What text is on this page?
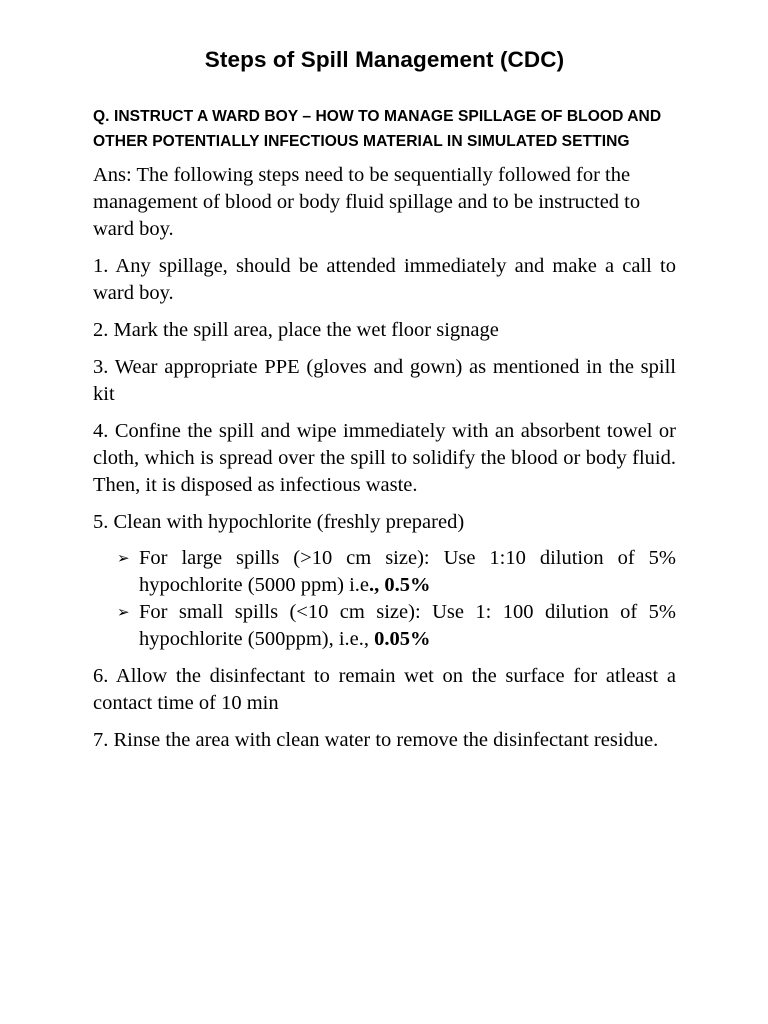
Steps of Spill Management (CDC)

Q. INSTRUCT A WARD BOY – HOW TO MANAGE SPILLAGE OF BLOOD AND OTHER POTENTIALLY INFECTIOUS MATERIAL IN SIMULATED SETTING

Ans: The following steps need to be sequentially followed for the management of blood or body fluid spillage and to be instructed to ward boy.

1. Any spillage, should be attended immediately and make a call to ward boy.

2. Mark the spill area, place the wet floor signage

3. Wear appropriate PPE (gloves and gown) as mentioned in the spill kit

4. Confine the spill and wipe immediately with an absorbent towel or cloth, which is spread over the spill to solidify the blood or body fluid. Then, it is disposed as infectious waste.

5. Clean with hypochlorite (freshly prepared)

➢ For large spills (>10 cm size): Use 1:10 dilution of 5% hypochlorite (5000 ppm) i.e., 0.5%
➢ For small spills (<10 cm size): Use 1: 100 dilution of 5% hypochlorite (500ppm), i.e., 0.05%

6. Allow the disinfectant to remain wet on the surface for atleast a contact time of 10 min

7. Rinse the area with clean water to remove the disinfectant residue.
